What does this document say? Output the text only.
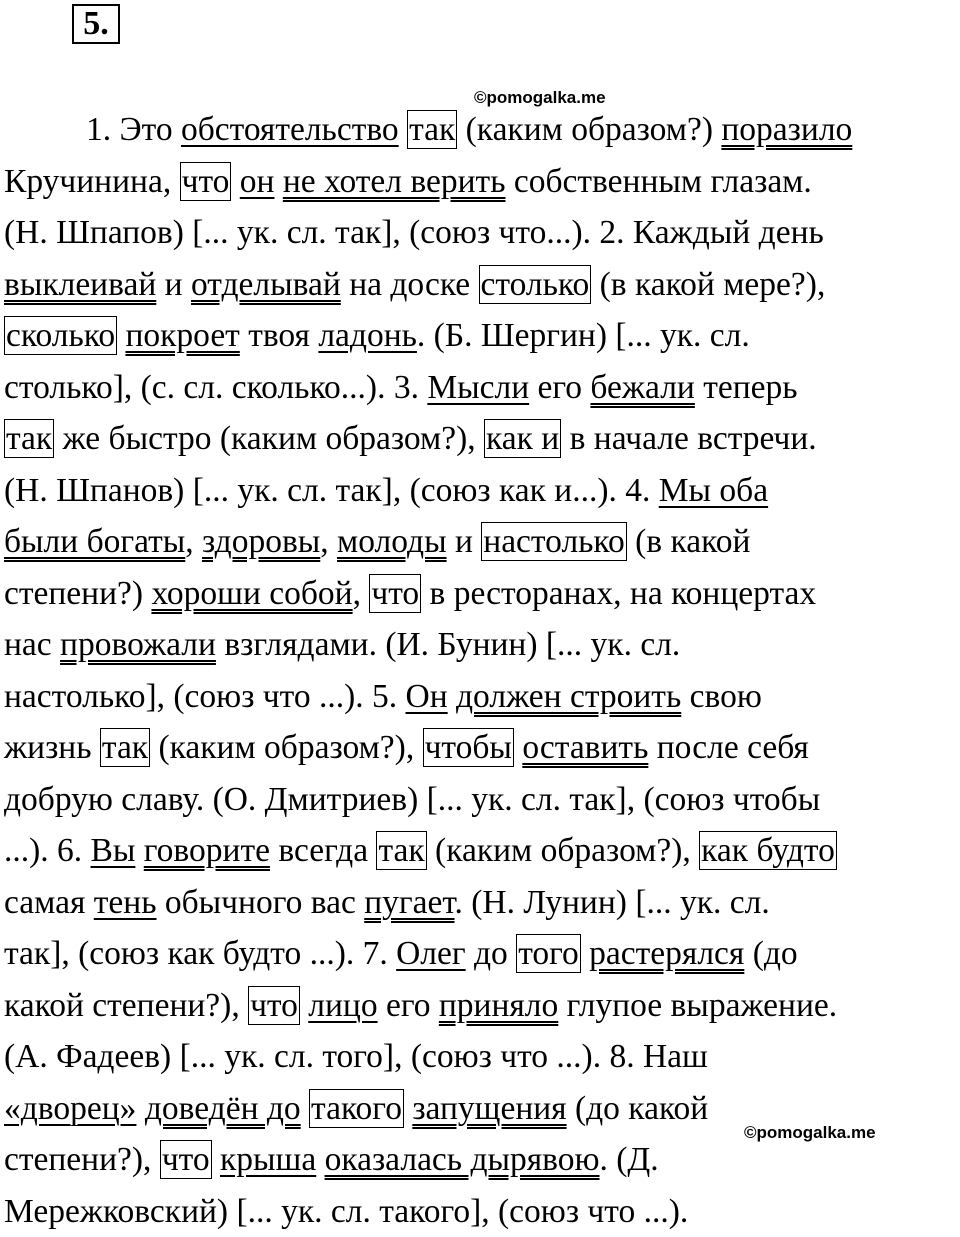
5.
©pomogalka.me
1. Это обстоятельство так (каким образом?) поразило
Кручинина, что он не хотел верить собственным глазам.
(Н. Шпапов) [... ук. сл. так], (союз что...). 2. Каждый день
выклеивай и отделывай на доске столько (в какой мере?),
сколько покроет твоя ладонь. (Б. Шергин) [... ук. сл.
столько], (с. сл. сколько...). 3. Мысли его бежали теперь
так же быстро (каким образом?), как и в начале встречи.
(Н. Шпанов) [... ук. сл. так], (союз как и...). 4. Мы оба
были богаты, здоровы, молоды и настолько (в какой
степени?) хороши собой, что в ресторанах, на концертах
нас провожали взглядами. (И. Бунин) [... ук. сл.
настолько], (союз что ...). 5. Он должен строить свою
жизнь так (каким образом?), чтобы оставить после себя
добрую славу. (О. Дмитриев) [... ук. сл. так], (союз чтобы
...). 6. Вы говорите всегда так (каким образом?), как будто
самая тень обычного вас пугает. (Н. Лунин) [... ук. сл.
так], (союз как будто ...). 7. Олег до того растерялся (до
какой степени?), что лицо его приняло глупое выражение.
(А. Фадеев) [... ук. сл. того], (союз что ...). 8. Наш
«дворец» доведён до такого запущения (до какой
степени?), что крыша оказалась дырявою. (Д.
Мережковский) [... ук. сл. такого], (союз что ...).
©pomogalka.me
